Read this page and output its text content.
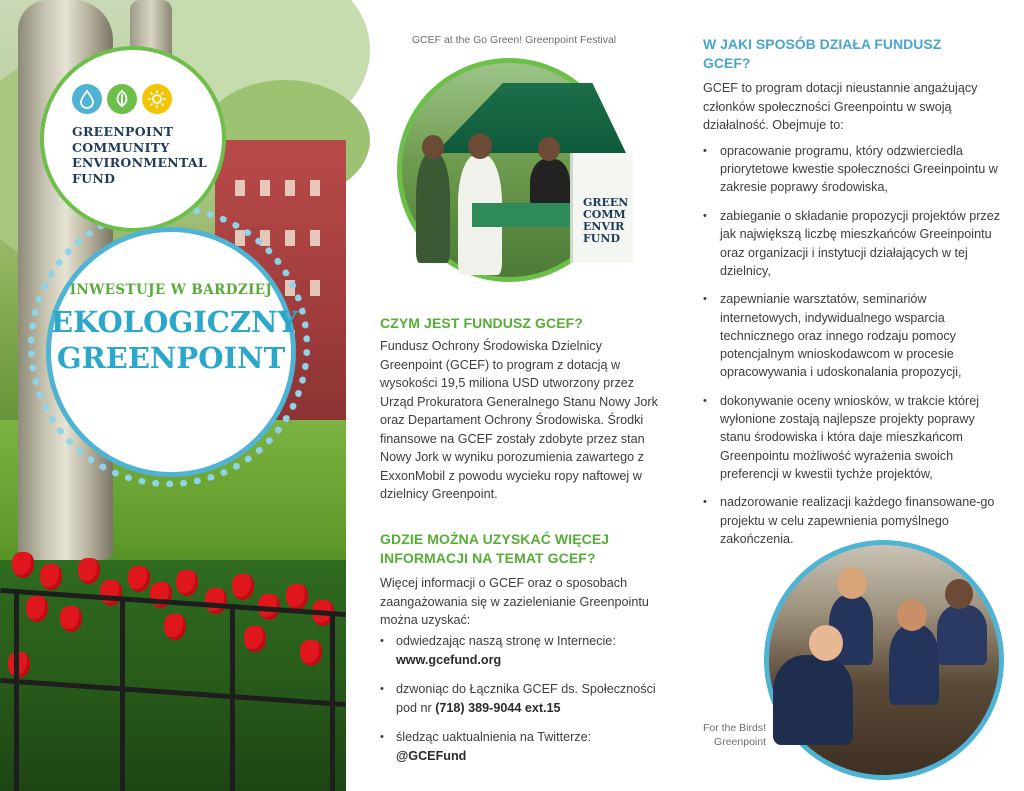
GREENPOINT
COMMUNITY
ENVIRONMENTAL
FUND
INWESTUJE W BARDZIEJ
EKOLOGICZNY
GREENPOINT
GCEF at the Go Green! Greenpoint Festival
GREEN
COMM
ENVIR
FUND
CZYM JEST FUNDUSZ GCEF?
Fundusz Ochrony Środowiska Dzielnicy Greenpoint (GCEF) to program z dotacją w wysokości 19,5 miliona USD utworzony przez Urząd Prokuratora Generalnego Stanu Nowy Jork oraz Departament Ochrony Środowiska. Środki finansowe na GCEF zostały zdobyte przez stan Nowy Jork w wyniku porozumienia zawartego z ExxonMobil z powodu wycieku ropy naftowej w dzielnicy Greenpoint.
GDZIE MOŻNA UZYSKAĆ WIĘCEJ
INFORMACJI NA TEMAT GCEF?
Więcej informacji o GCEF oraz o sposobach zaangażowania się w zazielenianie Greenpointu można uzyskać:
• odwiedzając naszą stronę w Internecie:
www.gcefund.org
• dzwoniąc do Łącznika GCEF ds. Społeczności pod nr (718) 389-9044 ext.15
• śledząc uaktualnienia na Twitterze:
@GCEFund
W JAKI SPOSÓB DZIAŁA FUNDUSZ
GCEF?
GCEF to program dotacji nieustannie angażujący członków społeczności Greenpointu w swoją działalność. Obejmuje to:
• opracowanie programu, który odzwierciedla priorytetowe kwestie społeczności Greeinpointu w zakresie poprawy środowiska,
• zabieganie o składanie propozycji projektów przez jak największą liczbę mieszkańców Greeinpointu oraz organizacji i instytucji działających w tej dzielnicy,
• zapewnianie warsztatów, seminariów internetowych, indywidualnego wsparcia technicznego oraz innego rodzaju pomocy potencjalnym wnioskodawcom w procesie opracowywania i udoskonalania propozycji,
• dokonywanie oceny wniosków, w trakcie której wyłonione zostają najlepsze projekty poprawy stanu środowiska i która daje mieszkańcom Greenpointu możliwość wyrażenia swoich preferencji w kwestii tychże projektów,
• nadzorowanie realizacji każdego finansowane-go projektu w celu zapewnienia pomyślnego zakończenia.
For the Birds!
Greenpoint
